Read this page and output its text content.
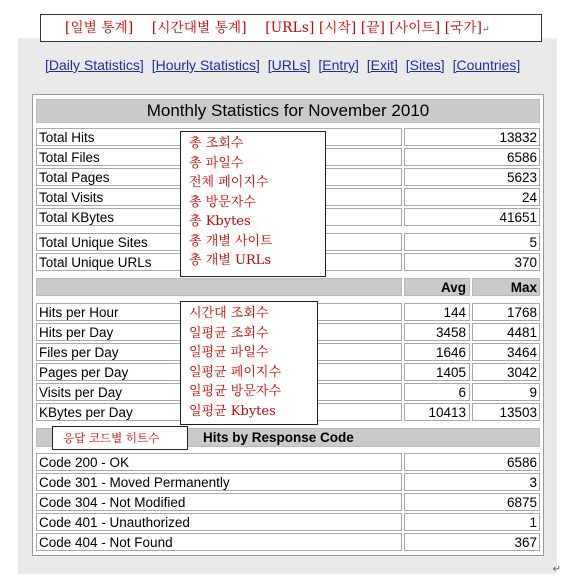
[일별 통계] [시간대별 통계] [URLs] [시작] [끝] [사이트] [국가]↵
[Daily Statistics] [Hourly Statistics] [URLs] [Entry] [Exit] [Sites] [Countries]
Monthly Statistics for November 2010
Total Hits	13832
Total Files	6586
Total Pages	5623
Total Visits	24
Total KBytes	41651
Total Unique Sites	5
Total Unique URLs	370
Avg	Max
Hits per Hour	144	1768
Hits per Day	3458	4481
Files per Day	1646	3464
Pages per Day	1405	3042
Visits per Day	6	9
KBytes per Day	10413	13503
Hits by Response Code
Code 200 - OK	6586
Code 301 - Moved Permanently	3
Code 304 - Not Modified	6875
Code 401 - Unauthorized	1
Code 404 - Not Found	367
총 조회수
총 파일수
전체 페이지수
총 방문자수
총 Kbytes
총 개별 사이트
총 개별 URLs
시간대 조회수
일평균 조회수
일평균 파일수
일평균 페이지수
일평균 방문자수
일평균 Kbytes
응답 코드별 히트수
↵
